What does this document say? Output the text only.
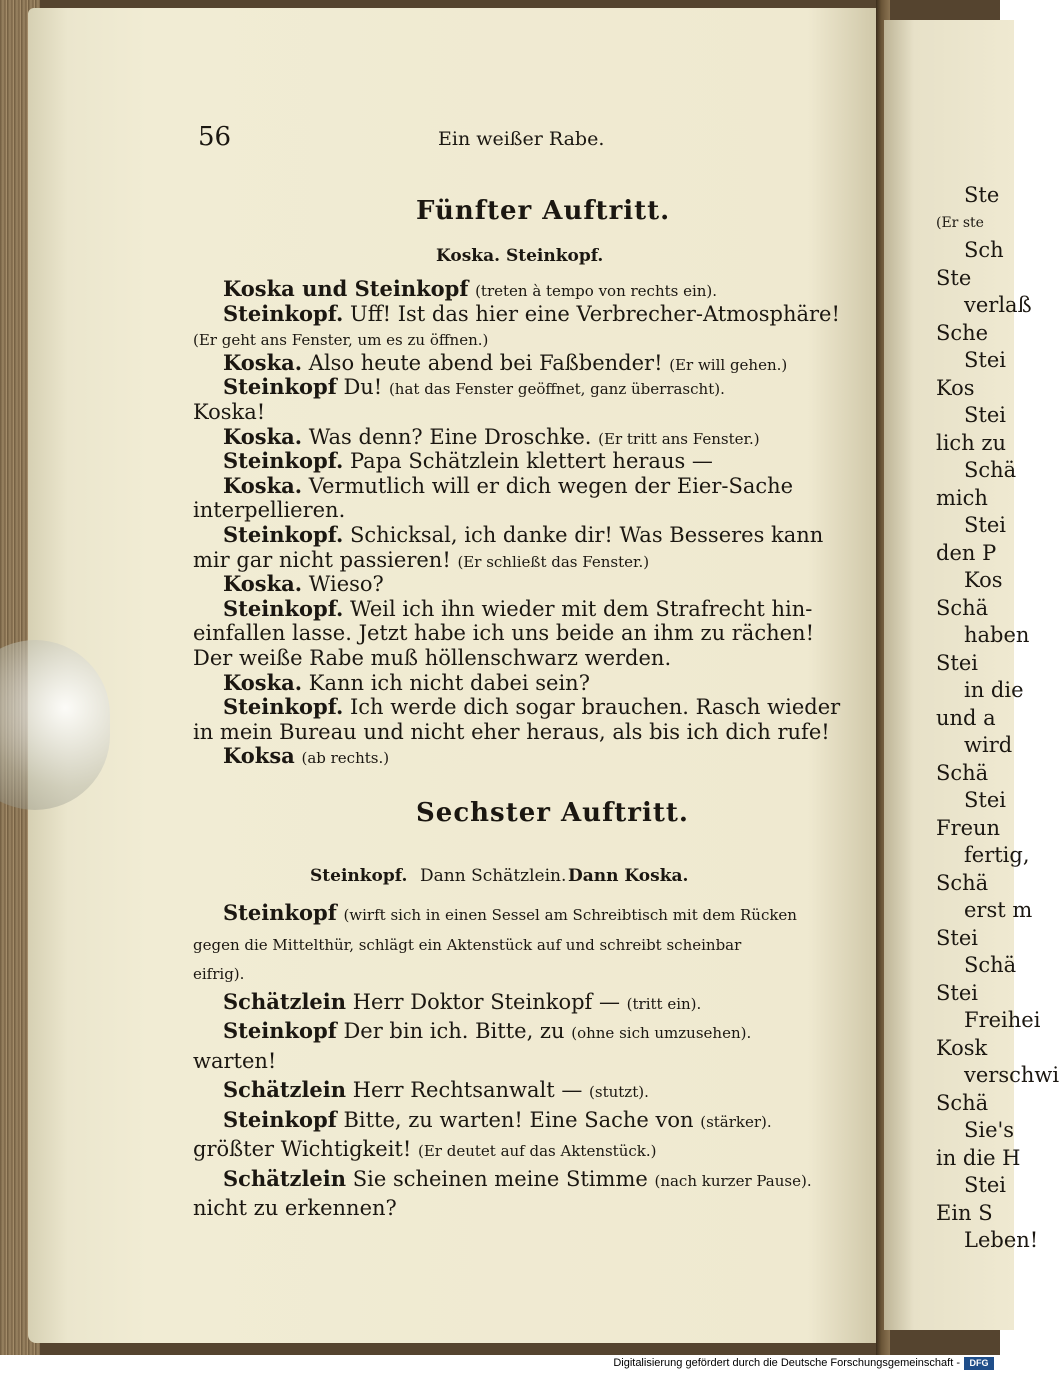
56	Ein weißer Rabe.
Fünfter Auftritt.
Koska. Steinkopf.
Koska und Steinkopf (treten à tempo von rechts ein).
Steinkopf. Uff! Ist das hier eine Verbrecher-Atmosphäre!
(Er geht ans Fenster, um es zu öffnen.)
Koska. Also heute abend bei Faßbender! (Er will gehen.)
Steinkopf Du! (hat das Fenster geöffnet, ganz überrascht).
Koska!
Koska. Was denn? Eine Droschke. (Er tritt ans Fenster.)
Steinkopf. Papa Schätzlein klettert heraus —
Koska. Vermutlich will er dich wegen der Eier-Sache
interpellieren.
Steinkopf. Schicksal, ich danke dir! Was Besseres kann
mir gar nicht passieren! (Er schließt das Fenster.)
Koska. Wieso?
Steinkopf. Weil ich ihn wieder mit dem Strafrecht hin-
einfallen lasse. Jetzt habe ich uns beide an ihm zu rächen!
Der weiße Rabe muß höllenschwarz werden.
Koska. Kann ich nicht dabei sein?
Steinkopf. Ich werde dich sogar brauchen. Rasch wieder
in mein Bureau und nicht eher heraus, als bis ich dich rufe!
Koksa (ab rechts.)
Sechster Auftritt.
Steinkopf. Dann Schätzlein. Dann Koska.
Steinkopf (wirft sich in einen Sessel am Schreibtisch mit dem Rücken
gegen die Mittelthür, schlägt ein Aktenstück auf und schreibt scheinbar
eifrig).
Schätzlein Herr Doktor Steinkopf — (tritt ein).
Steinkopf Der bin ich. Bitte, zu (ohne sich umzusehen).
warten!
Schätzlein Herr Rechtsanwalt — (stutzt).
Steinkopf Bitte, zu warten! Eine Sache von (stärker).
größter Wichtigkeit! (Er deutet auf das Aktenstück.)
Schätzlein Sie scheinen meine Stimme (nach kurzer Pause).
nicht zu erkennen?
Ste
(Er ste
Sch
Ste
verlaß
Sche
Stei
Kos
Stei
lich zu
Schä
mich
Stei
den P
Kos
Schä
haben
Stei
in die
und a
wird
Schä
Stei
Freun
fertig,
Schä
erst m
Stei
Schä
Stei
Freihei
Kosk
verschwi
Schä
Sie's
in die H
Stei
Ein S
Leben!
Digitalisierung gefördert durch die Deutsche Forschungsgemeinschaft -	DFG
